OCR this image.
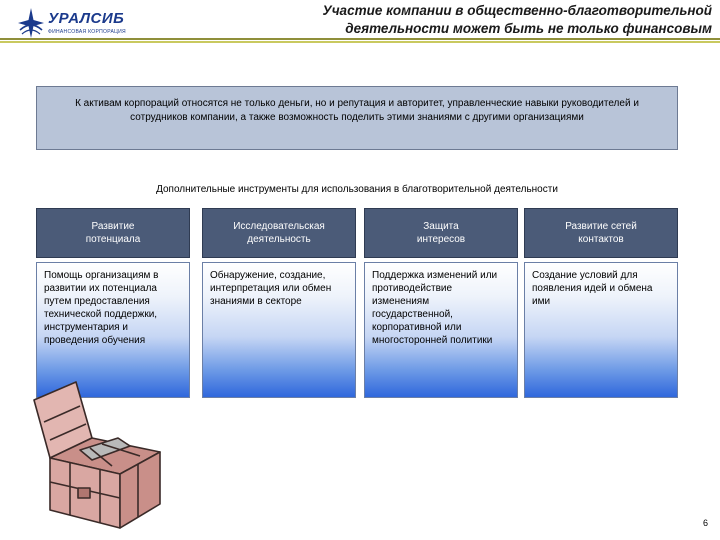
УРАЛСИБ
ФИНАНСОВАЯ КОРПОРАЦИЯ
Участие компании в общественно-благотворительной
деятельности может быть не только финансовым
К активам корпораций относятся не только деньги, но и репутация и авторитет, управленческие навыки руководителей и сотрудников компании, а также возможность поделить этими знаниями с другими организациями
Дополнительные инструменты для использования в благотворительной деятельности
Развитие
потенциала
Исследовательская
деятельность
Защита
интересов
Развитие сетей
контактов
Помощь организациям в развитии их потенциала путем предоставления технической поддержки, инструментария и проведения обучения
Обнаружение, создание, интерпретация или обмен знаниями в секторе
Поддержка изменений или противодействие изменениям государственной, корпоративной или многосторонней политики
Создание условий для появления идей и обмена ими
6
